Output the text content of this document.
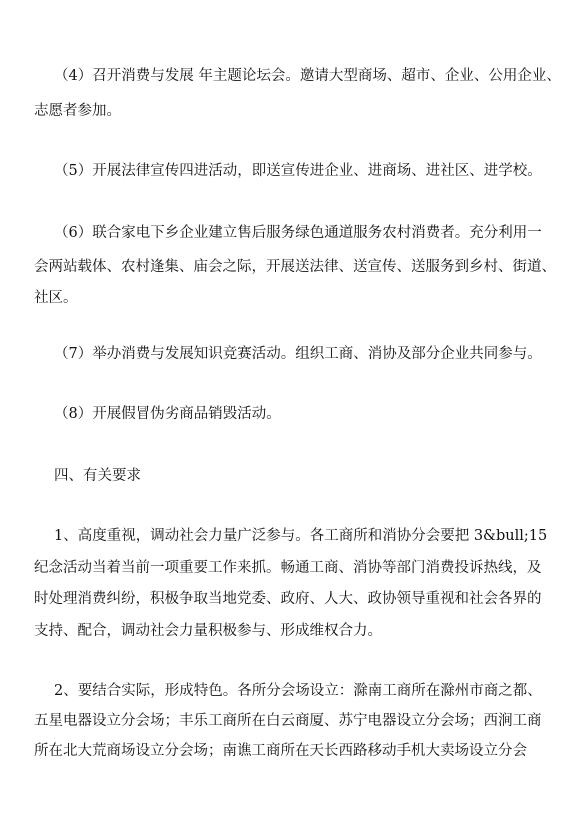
（4）召开消费与发展 年主题论坛会。邀请大型商场、超市、企业、公用企业、
志愿者参加。
（5）开展法律宣传四进活动，即送宣传进企业、进商场、进社区、进学校。
（6）联合家电下乡企业建立售后服务绿色通道服务农村消费者。充分利用一
会两站载体、农村逢集、庙会之际，开展送法律、送宣传、送服务到乡村、街道、
社区。
（7）举办消费与发展知识竞赛活动。组织工商、消协及部分企业共同参与。
（8）开展假冒伪劣商品销毁活动。
四、有关要求
1、高度重视，调动社会力量广泛参与。各工商所和消协分会要把 3&bull;15
纪念活动当着当前一项重要工作来抓。畅通工商、消协等部门消费投诉热线，及
时处理消费纠纷，积极争取当地党委、政府、人大、政协领导重视和社会各界的
支持、配合，调动社会力量积极参与、形成维权合力。
2、要结合实际，形成特色。各所分会场设立：滁南工商所在滁州市商之都、
五星电器设立分会场；丰乐工商所在白云商厦、苏宁电器设立分会场；西涧工商
所在北大荒商场设立分会场；南谯工商所在天长西路移动手机大卖场设立分会
